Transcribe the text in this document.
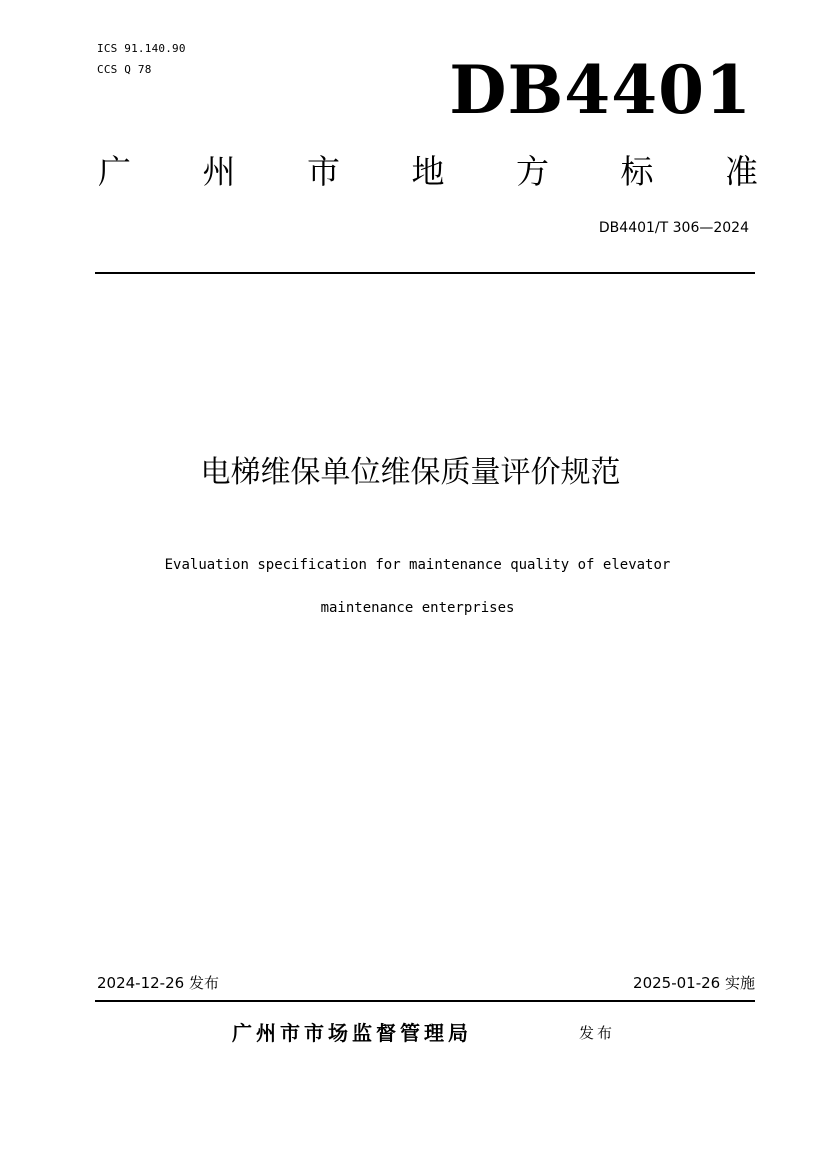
ICS 91.140.90
CCS Q 78	DB4401
广 州 市 地 方 标 准
DB4401/T 306—2024
电梯维保单位维保质量评价规范
Evaluation specification for maintenance quality of elevator
maintenance enterprises
2024-12-26 发布	2025-01-26 实施
广州市市场监督管理局	发布
